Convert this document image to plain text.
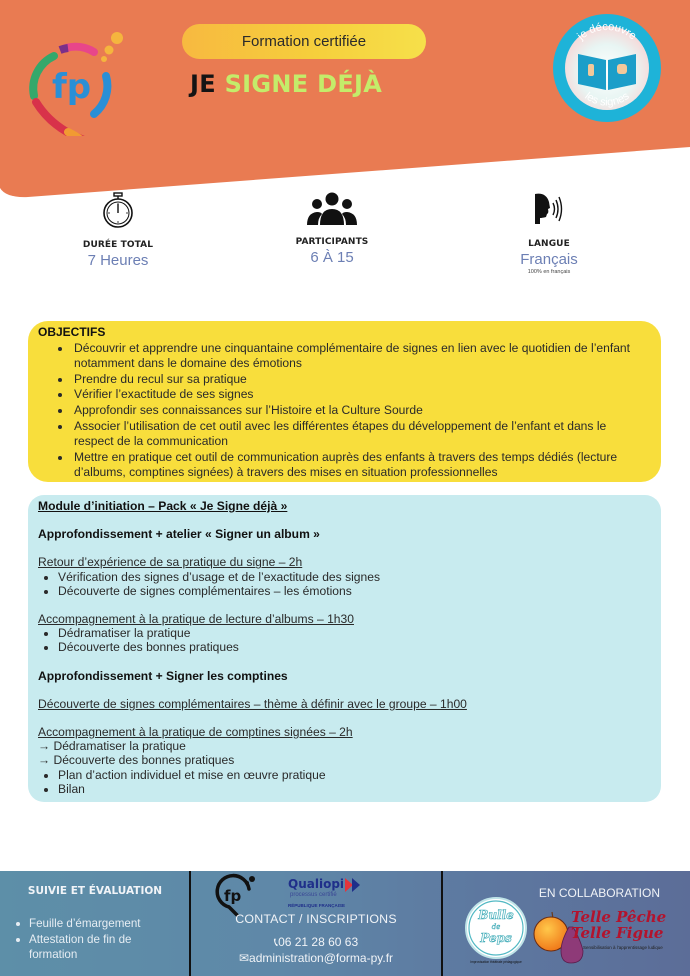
fp
Formation certifiée
JE SIGNE DÉJÀ
je découvre
les signes
DURÉE TOTAL
7 Heures
PARTICIPANTS
6 À 15
LANGUE
Français
100% en français
OBJECTIFS
Découvrir et apprendre une cinquantaine complémentaire de signes en lien avec le quotidien de l’enfant notamment dans le domaine des émotions
Prendre du recul sur sa pratique
Vérifier l’exactitude de ses signes
Approfondir ses connaissances sur l’Histoire et la Culture Sourde
Associer l’utilisation de cet outil avec les différentes étapes du développement de l’enfant et dans le respect de la communication
Mettre en pratique cet outil de communication auprès des enfants à travers des temps dédiés (lecture d’albums, comptines signées) à travers des mises en situation professionnelles
Module d’initiation – Pack « Je Signe déjà »
Approfondissement + atelier « Signer un album »
Retour d’expérience de sa pratique du signe – 2h
Vérification des signes d’usage et de l’exactitude des signes
Découverte de signes complémentaires – les émotions
Accompagnement à la pratique de lecture d’albums – 1h30
Dédramatiser la pratique
Découverte des bonnes pratiques
Approfondissement + Signer les comptines
Découverte de signes complémentaires – thème à définir avec le groupe – 1h00
Accompagnement à la pratique de comptines signées – 2h
→ Dédramatiser la pratique
→ Découverte des bonnes pratiques
Plan d’action individuel et mise en œuvre pratique
Bilan
SUIVIE ET ÉVALUATION
Feuille d’émargement
Attestation de fin de formation
fp
Qualiopi
processus certifié
RÉPUBLIQUE FRANÇAISE
CONTACT / INSCRIPTIONS
📞︎06 21 28 60 63
✉︎administration@forma-py.fr
EN COLLABORATION
Bulle
de
Peps
Improvisation théâtrale pédagogique
Telle Pêche
Telle Figue
Sensibilisation à l’apprentissage ludique
